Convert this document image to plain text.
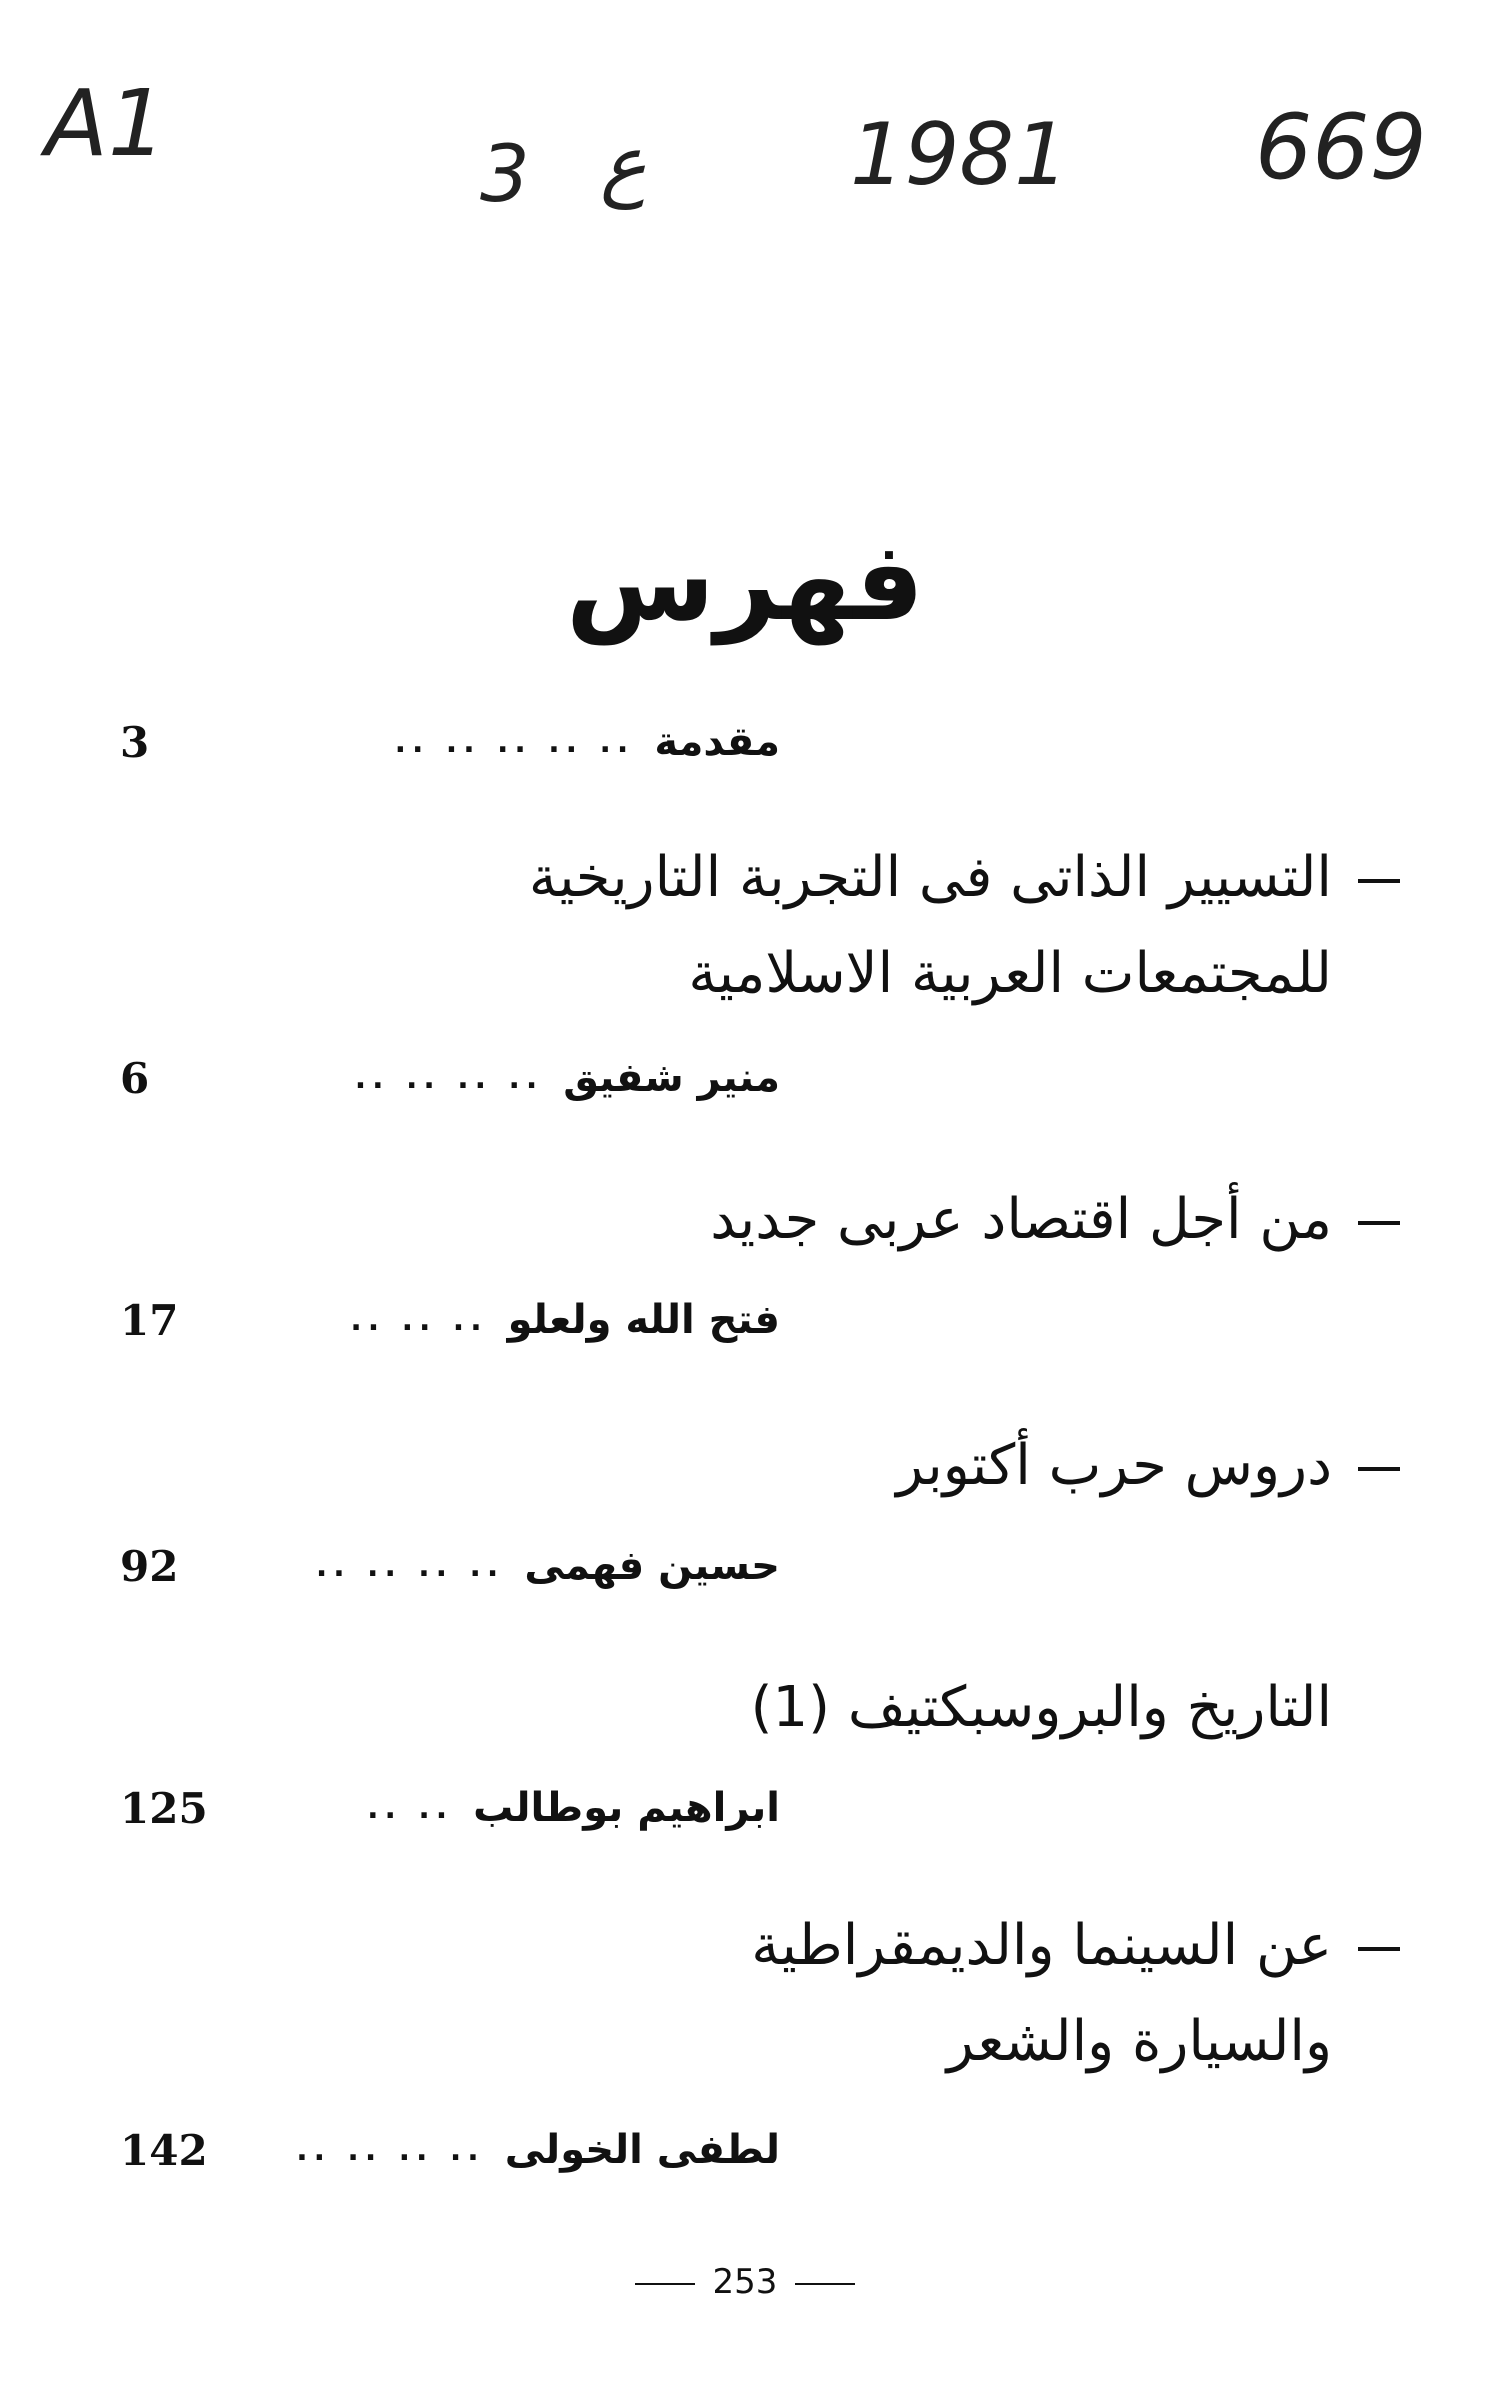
A1	3 ع 1981 669
فهرس
3	مقدمة
.. .. .. .. ..
التسيير الذاتى فى التجربة التاريخية
للمجتمعات العربية الاسلامية
6	منير شفيق
.. .. .. ..
من أجل اقتصاد عربى جديد
17	فتح الله ولعلو
.. .. ..
دروس حرب أكتوبر
92	حسين فهمى
.. .. .. ..
التاريخ والبروسبكتيف (1)
125	ابراهيم بوطالب
.. ..
عن السينما والديمقراطية
والسيارة والشعر
142	لطفى الخولى
.. .. .. ..
253
